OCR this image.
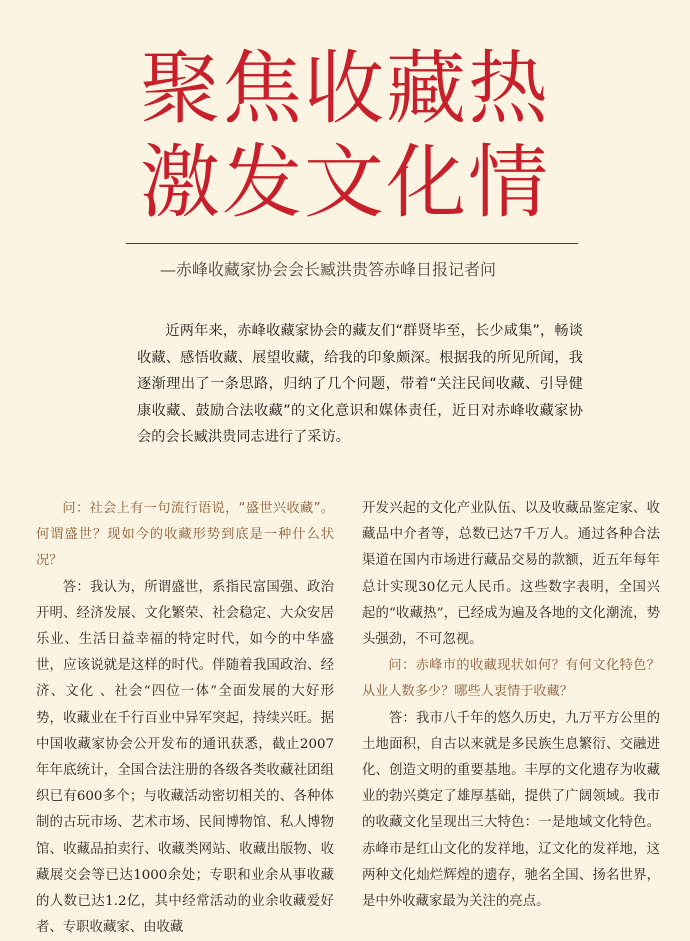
聚焦收藏热
激发文化情
—赤峰收藏家协会会长臧洪贵答赤峰日报记者问

近两年来，赤峰收藏家协会的藏友们“群贤毕至，长少咸集”，畅谈收藏、感悟收藏、展望收藏，给我的印象颇深。根据我的所见所闻，我逐渐理出了一条思路，归纳了几个问题，带着“关注民间收藏、引导健康收藏、鼓励合法收藏”的文化意识和媒体责任，近日对赤峰收藏家协会的会长臧洪贵同志进行了采访。

问：社会上有一句流行语说，“盛世兴收藏”。何谓盛世？现如今的收藏形势到底是一种什么状况？

答：我认为，所谓盛世，系指民富国强、政治开明、经济发展、文化繁荣、社会稳定、大众安居乐业、生活日益幸福的特定时代，如今的中华盛世，应该说就是这样的时代。伴随着我国政治、经济、文化 、社会“四位一体”全面发展的大好形势，收藏业在千行百业中异军突起，持续兴旺。据中国收藏家协会公开发布的通讯获悉，截止2007年年底统计，全国合法注册的各级各类收藏社团组织已有600多个；与收藏活动密切相关的、各种体制的古玩市场、艺术市场、民间博物馆、私人博物馆、收藏品拍卖行、收藏类网站、收藏出版物、收藏展交会等已达1000余处；专职和业余从事收藏的人数已达1.2亿，其中经常活动的业余收藏爱好者、专职收藏家、由收藏

开发兴起的文化产业队伍、以及收藏品鉴定家、收藏品中介者等，总数已达7千万人。通过各种合法渠道在国内市场进行藏品交易的款额，近五年每年总计实现30亿元人民币。这些数字表明，全国兴起的“收藏热”，已经成为遍及各地的文化潮流，势头强劲，不可忽视。

问：赤峰市的收藏现状如何？有何文化特色？从业人数多少？哪些人衷情于收藏？

答：我市八千年的悠久历史，九万平方公里的土地面积，自古以来就是多民族生息繁衍、交融进化、创造文明的重要基地。丰厚的文化遗存为收藏业的勃兴奠定了雄厚基础，提供了广阔领域。我市的收藏文化呈现出三大特色：一是地域文化特色。赤峰市是红山文化的发祥地，辽文化的发祥地，这两种文化灿烂辉煌的遗存，驰名全国、扬名世界，是中外收藏家最为关注的亮点。
